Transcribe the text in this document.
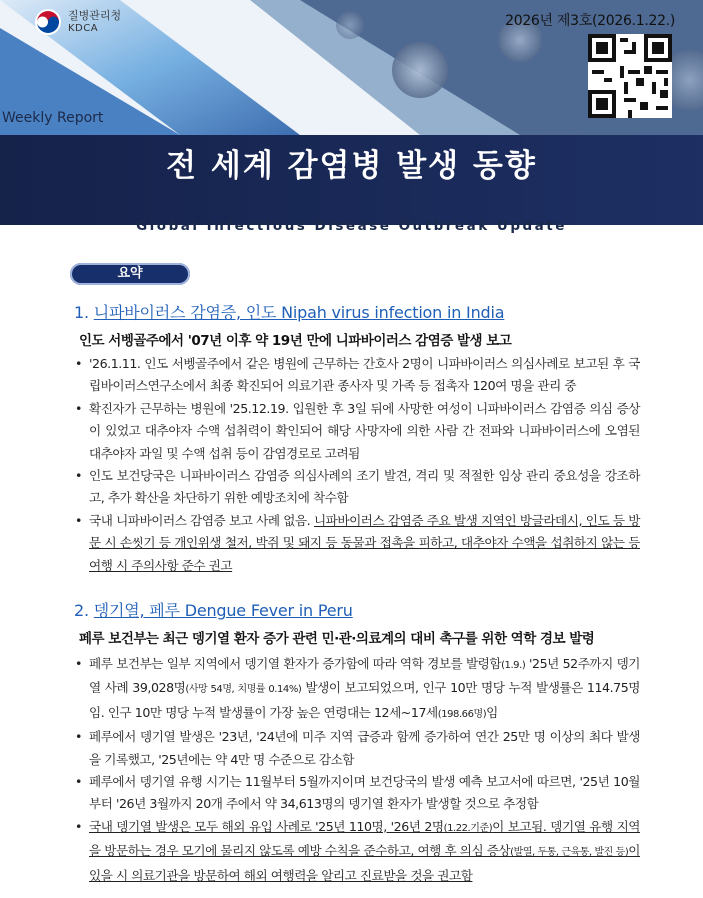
질병관리청
KDCA	2026년 제3호(2026.1.22.)
Weekly Report
전 세계 감염병 발생 동향
Global Infectious Disease Outbreak Update
요약
1. 니파바이러스 감염증, 인도 Nipah virus infection in India
인도 서벵골주에서 '07년 이후 약 19년 만에 니파바이러스 감염증 발생 보고
• '26.1.11. 인도 서벵골주에서 같은 병원에 근무하는 간호사 2명이 니파바이러스 의심사례로 보고된 후 국립바이러스연구소에서 최종 확진되어 의료기관 종사자 및 가족 등 접촉자 120여 명을 관리 중
• 확진자가 근무하는 병원에 '25.12.19. 입원한 후 3일 뒤에 사망한 여성이 니파바이러스 감염증 의심 증상이 있었고 대추야자 수액 섭취력이 확인되어 해당 사망자에 의한 사람 간 전파와 니파바이러스에 오염된 대추야자 과일 및 수액 섭취 등이 감염경로로 고려됨
• 인도 보건당국은 니파바이러스 감염증 의심사례의 조기 발견, 격리 및 적절한 임상 관리 중요성을 강조하고, 추가 확산을 차단하기 위한 예방조치에 착수함
• 국내 니파바이러스 감염증 보고 사례 없음. 니파바이러스 감염증 주요 발생 지역인 방글라데시, 인도 등 방문 시 손씻기 등 개인위생 철저, 박쥐 및 돼지 등 동물과 접촉을 피하고, 대추야자 수액을 섭취하지 않는 등 여행 시 주의사항 준수 권고
2. 뎅기열, 페루 Dengue Fever in Peru
페루 보건부는 최근 뎅기열 환자 증가 관련 민·관·의료계의 대비 촉구를 위한 역학 경보 발령
• 페루 보건부는 일부 지역에서 뎅기열 환자가 증가함에 따라 역학 경보를 발령함(1.9.) '25년 52주까지 뎅기열 사례 39,028명(사망 54명, 치명률 0.14%) 발생이 보고되었으며, 인구 10만 명당 누적 발생률은 114.75명임. 인구 10만 명당 누적 발생률이 가장 높은 연령대는 12세~17세(198.66명)임
• 페루에서 뎅기열 발생은 '23년, '24년에 미주 지역 급증과 함께 증가하여 연간 25만 명 이상의 최다 발생을 기록했고, '25년에는 약 4만 명 수준으로 감소함
• 페루에서 뎅기열 유행 시기는 11월부터 5월까지이며 보건당국의 발생 예측 보고서에 따르면, '25년 10월부터 '26년 3월까지 20개 주에서 약 34,613명의 뎅기열 환자가 발생할 것으로 추정함
• 국내 뎅기열 발생은 모두 해외 유입 사례로 '25년 110명, '26년 2명(1.22.기준)이 보고됨. 뎅기열 유행 지역을 방문하는 경우 모기에 물리지 않도록 예방 수칙을 준수하고, 여행 후 의심 증상(발열, 두통, 근육통, 발진 등)이 있을 시 의료기관을 방문하여 해외 여행력을 알리고 진료받을 것을 권고함
